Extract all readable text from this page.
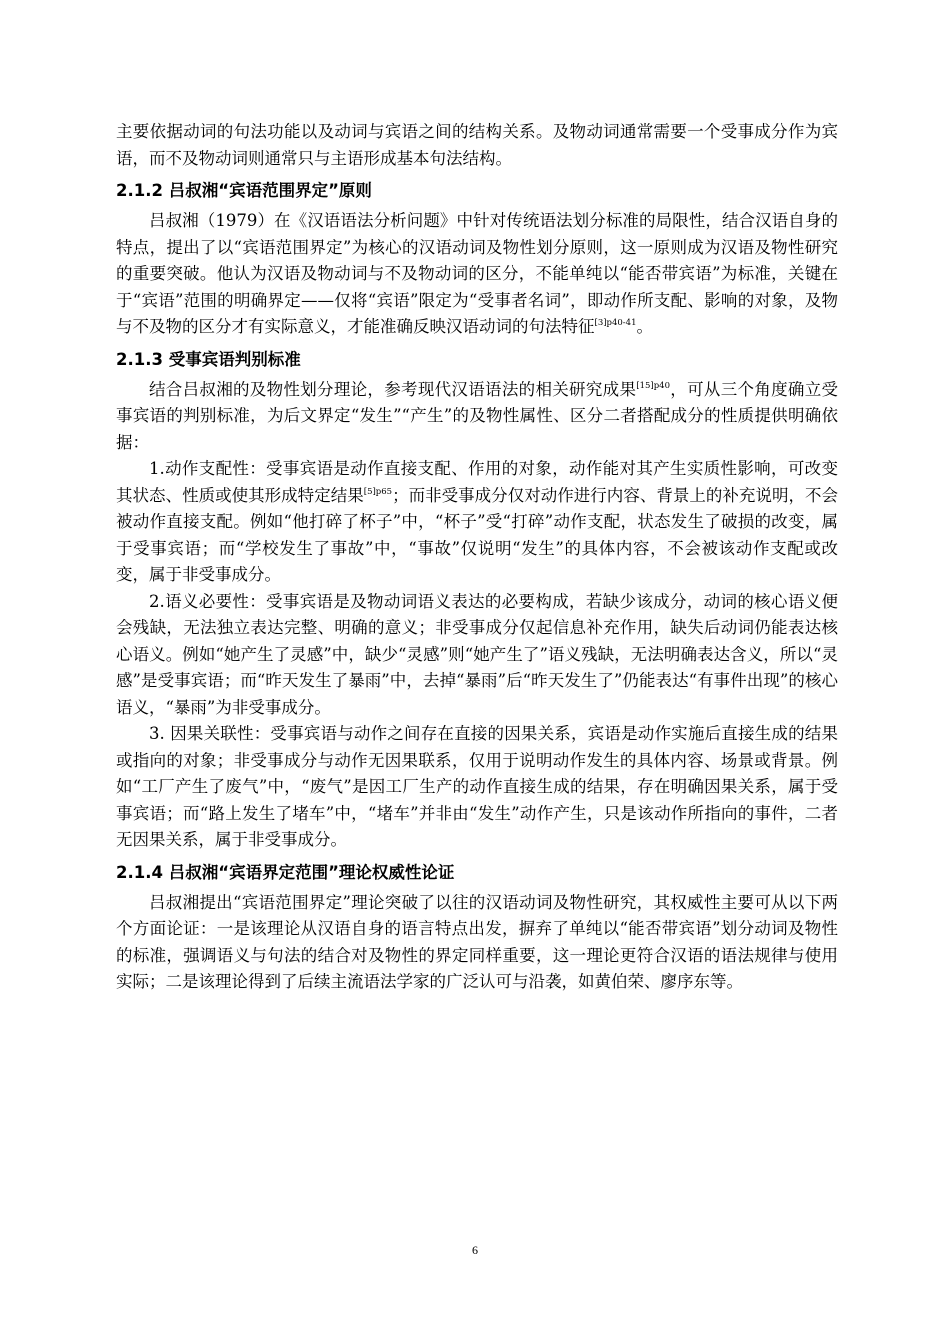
主要依据动词的句法功能以及动词与宾语之间的结构关系。及物动词通常需要一个受事成分作为宾语，而不及物动词则通常只与主语形成基本句法结构。

2.1.2 吕叔湘“宾语范围界定”原则

吕叔湘（1979）在《汉语语法分析问题》中针对传统语法划分标准的局限性，结合汉语自身的特点，提出了以“宾语范围界定”为核心的汉语动词及物性划分原则，这一原则成为汉语及物性研究的重要突破。他认为汉语及物动词与不及物动词的区分，不能单纯以“能否带宾语”为标准，关键在于“宾语”范围的明确界定——仅将“宾语”限定为“受事者名词”，即动作所支配、影响的对象，及物与不及物的区分才有实际意义，才能准确反映汉语动词的句法特征$^{[3]p40-41}$。

2.1.3 受事宾语判别标准

结合吕叔湘的及物性划分理论，参考现代汉语语法的相关研究成果$^{[15]p40}$，可从三个角度确立受事宾语的判别标准，为后文界定“发生”“产生”的及物性属性、区分二者搭配成分的性质提供明确依据：

1.动作支配性：受事宾语是动作直接支配、作用的对象，动作能对其产生实质性影响，可改变其状态、性质或使其形成特定结果$^{[5]p65}$；而非受事成分仅对动作进行内容、背景上的补充说明，不会被动作直接支配。例如“他打碎了杯子”中，“杯子”受“打碎”动作支配，状态发生了破损的改变，属于受事宾语；而“学校发生了事故”中，“事故”仅说明“发生”的具体内容，不会被该动作支配或改变，属于非受事成分。

2.语义必要性：受事宾语是及物动词语义表达的必要构成，若缺少该成分，动词的核心语义便会残缺，无法独立表达完整、明确的意义；非受事成分仅起信息补充作用，缺失后动词仍能表达核心语义。例如“她产生了灵感”中，缺少“灵感”则“她产生了”语义残缺，无法明确表达含义，所以“灵感”是受事宾语；而“昨天发生了暴雨”中，去掉“暴雨”后“昨天发生了”仍能表达“有事件出现”的核心语义，“暴雨”为非受事成分。

3. 因果关联性：受事宾语与动作之间存在直接的因果关系，宾语是动作实施后直接生成的结果或指向的对象；非受事成分与动作无因果联系，仅用于说明动作发生的具体内容、场景或背景。例如“工厂产生了废气”中，“废气”是因工厂生产的动作直接生成的结果，存在明确因果关系，属于受事宾语；而“路上发生了堵车”中，“堵车”并非由“发生”动作产生，只是该动作所指向的事件，二者无因果关系，属于非受事成分。

2.1.4 吕叔湘“宾语界定范围”理论权威性论证

吕叔湘提出“宾语范围界定”理论突破了以往的汉语动词及物性研究，其权威性主要可从以下两个方面论证：一是该理论从汉语自身的语言特点出发，摒弃了单纯以“能否带宾语”划分动词及物性的标准，强调语义与句法的结合对及物性的界定同样重要，这一理论更符合汉语的语法规律与使用实际；二是该理论得到了后续主流语法学家的广泛认可与沿袭，如黄伯荣、廖序东等。

6
